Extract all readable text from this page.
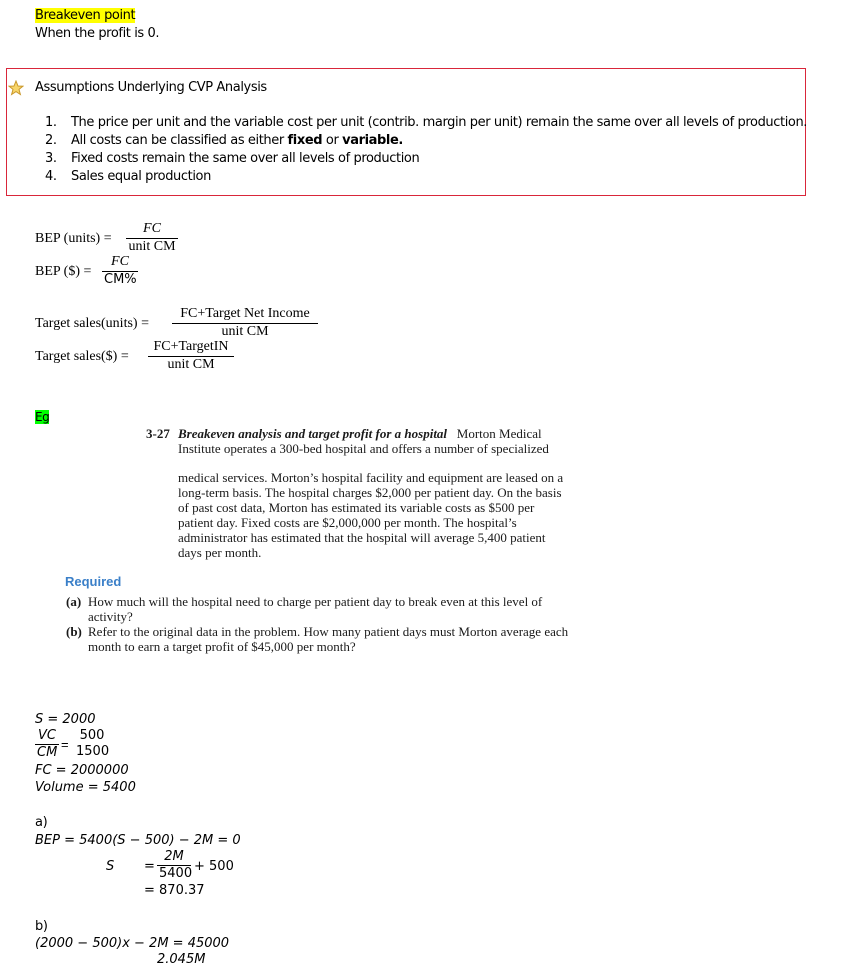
Breakeven point
When the profit is 0.
Assumptions Underlying CVP Analysis
1. The price per unit and the variable cost per unit (contrib. margin per unit) remain the same over all levels of production.
2. All costs can be classified as either fixed or variable.
3. Fixed costs remain the same over all levels of production
4. Sales equal production
BEP (units) =
FC
unit CM
BEP ($) =
FC
CM%
Target sales(units) =
FC+Target Net Income
unit CM
Target sales($) =
FC+TargetIN
unit CM
Eg
3-27 Breakeven analysis and target profit for a hospital Morton Medical
Institute operates a 300-bed hospital and offers a number of specialized
medical services. Morton’s hospital facility and equipment are leased on a
long-term basis. The hospital charges $2,000 per patient day. On the basis
of past cost data, Morton has estimated its variable costs as $500 per
patient day. Fixed costs are $2,000,000 per month. The hospital’s
administrator has estimated that the hospital will average 5,400 patient
days per month.
Required
(a) How much will the hospital need to charge per patient day to break even at this level of
activity?
(b) Refer to the original data in the problem. How many patient days must Morton average each
month to earn a target profit of $45,000 per month?
S = 2000
VC
CM
=
500
1500
FC = 2000000
Volume = 5400
a)
BEP = 5400(S − 500) − 2M = 0
S =
2M
5400 + 500
= 870.37
b)
(2000 − 500)x − 2M = 45000
2.045M
